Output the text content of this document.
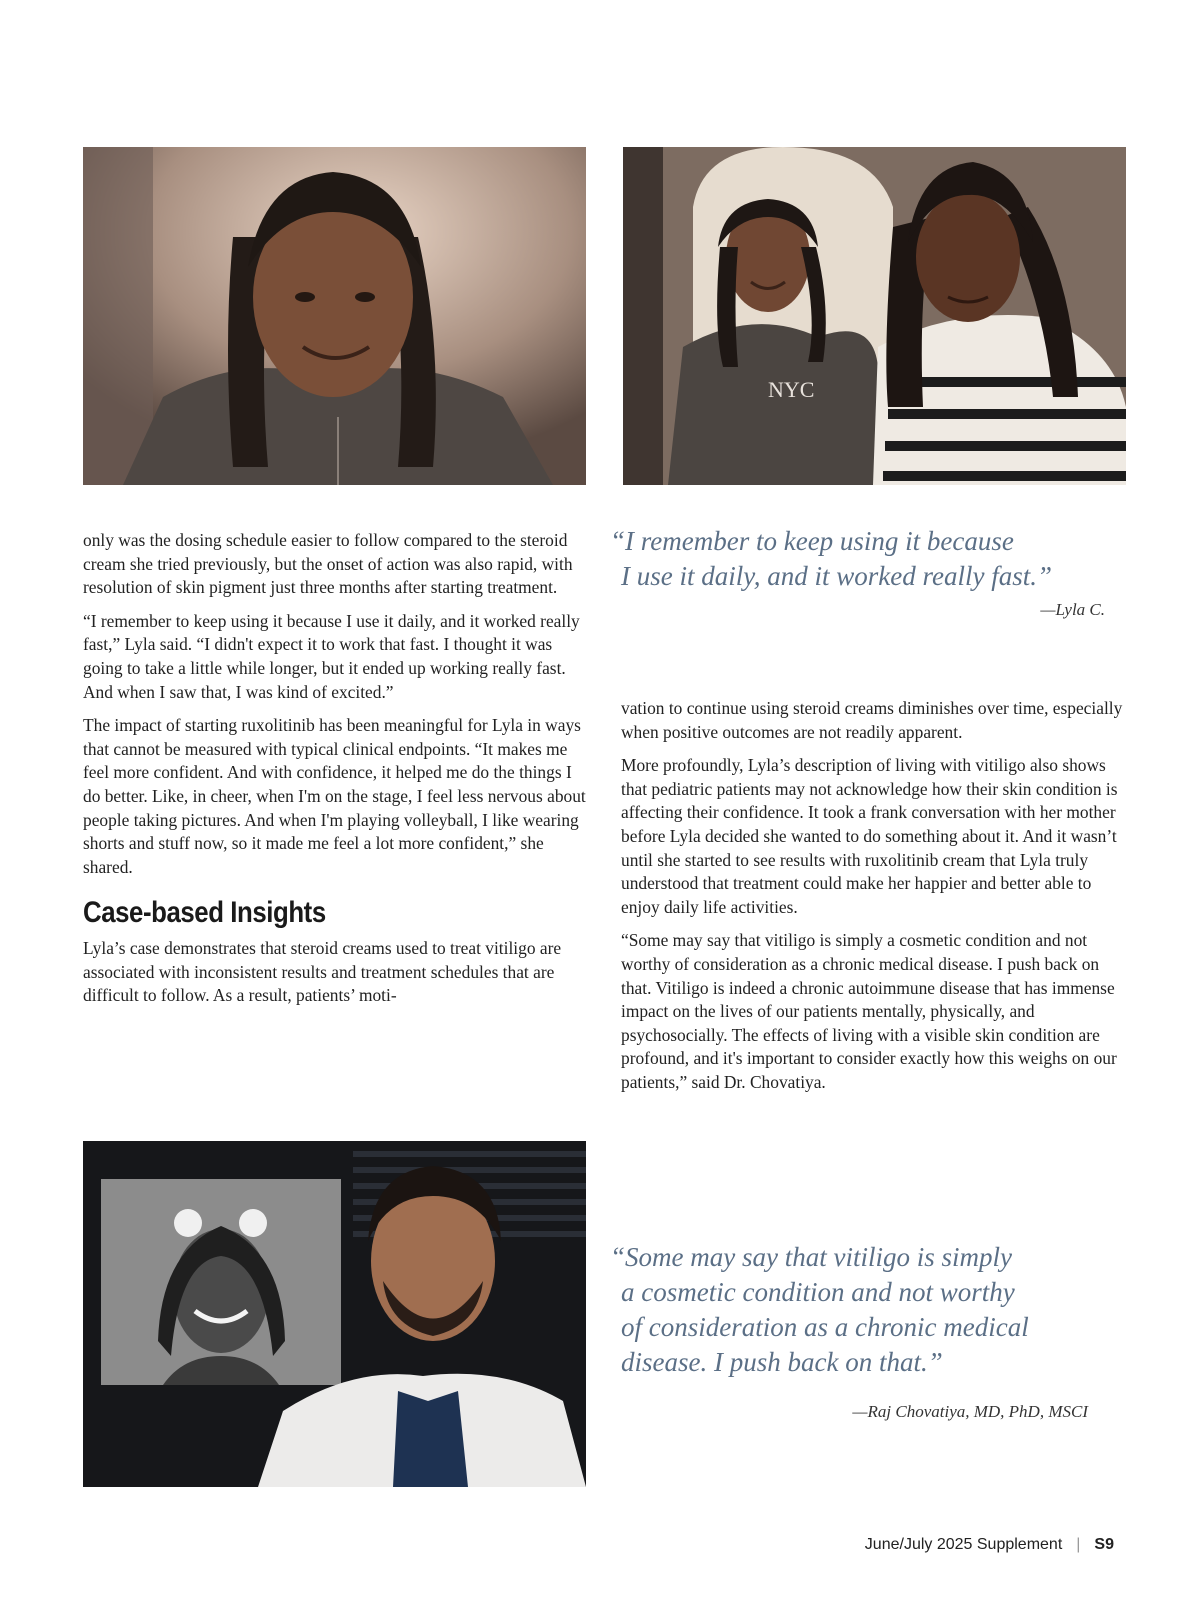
NYC

only was the dosing schedule easier to follow compared to the steroid cream she tried previously, but the onset of action was also rapid, with resolution of skin pigment just three months after starting treatment.

“I remember to keep using it because I use it daily, and it worked really fast,” Lyla said. “I didn't expect it to work that fast. I thought it was going to take a little while longer, but it ended up working really fast. And when I saw that, I was kind of excited.”

The impact of starting ruxolitinib has been meaningful for Lyla in ways that cannot be measured with typical clinical endpoints. “It makes me feel more confident. And with confidence, it helped me do the things I do better. Like, in cheer, when I'm on the stage, I feel less nervous about people taking pictures. And when I'm playing volleyball, I like wearing shorts and stuff now, so it made me feel a lot more confident,” she shared.

Case-based Insights

Lyla’s case demonstrates that steroid creams used to treat vitiligo are associated with inconsistent results and treatment schedules that are difficult to follow. As a result, patients’ moti-

“I remember to keep using it because
I use it daily, and it worked really fast.”
—Lyla C.

vation to continue using steroid creams diminishes over time, especially when positive outcomes are not readily apparent.

More profoundly, Lyla’s description of living with vitiligo also shows that pediatric patients may not acknowledge how their skin condition is affecting their confidence. It took a frank conversation with her mother before Lyla decided she wanted to do something about it. And it wasn’t until she started to see results with ruxolitinib cream that Lyla truly understood that treatment could make her happier and better able to enjoy daily life activities.

“Some may say that vitiligo is simply a cosmetic condition and not worthy of consideration as a chronic medical disease. I push back on that. Vitiligo is indeed a chronic autoimmune disease that has immense impact on the lives of our patients mentally, physically, and psychosocially. The effects of living with a visible skin condition are profound, and it's important to consider exactly how this weighs on our patients,” said Dr. Chovatiya.

“Some may say that vitiligo is simply
a cosmetic condition and not worthy
of consideration as a chronic medical
disease. I push back on that.”
—Raj Chovatiya, MD, PhD, MSCI
June/July 2025 Supplement | S9
